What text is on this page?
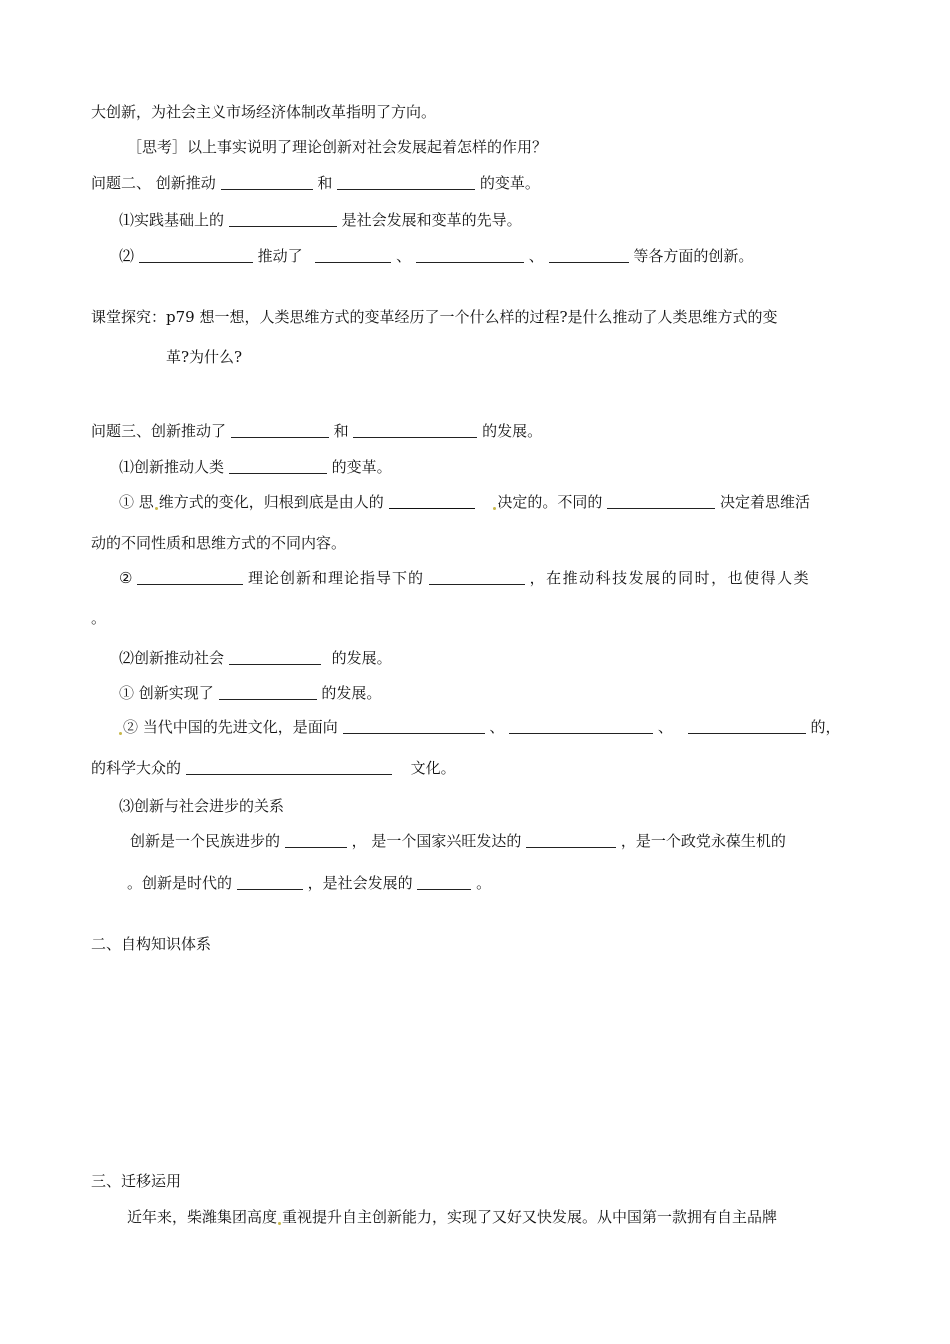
大创新，为社会主义市场经济体制改革指明了方向。
［思考］以上事实说明了理论创新对社会发展起着怎样的作用？
问题二、 创新推动	和	的变革。
⑴实践基础上的	是社会发展和变革的先导。
⑵	推动了	、	、	等各方面的创新。
课堂探究：p79 想一想，人类思维方式的变革经历了一个什么样的过程?是什么推动了人类思维方式的变
革?为什么?
问题三、创新推动了	和	的发展。
⑴创新推动人类	的变革。
① 思 维方式的变化，归根到底是由人的	决定的。不同的	决定着思维活
动的不同性质和思维方式的不同内容。
②	理论创新和理论指导下的	，在推动科技发展的同时，也使得人类
。
⑵创新推动社会	的发展。
① 创新实现了	的发展。
② 当代中国的先进文化，是面向	、	、	的，
的科学大众的	文化。
⑶创新与社会进步的关系
创新是一个民族进步的	， 是一个国家兴旺发达的	，是一个政党永葆生机的
。创新是时代的	，是社会发展的	。
二、自构知识体系
三、迁移运用
近年来，柴潍集团高度 重视提升自主创新能力，实现了又好又快发展。从中国第一款拥有自主品牌
